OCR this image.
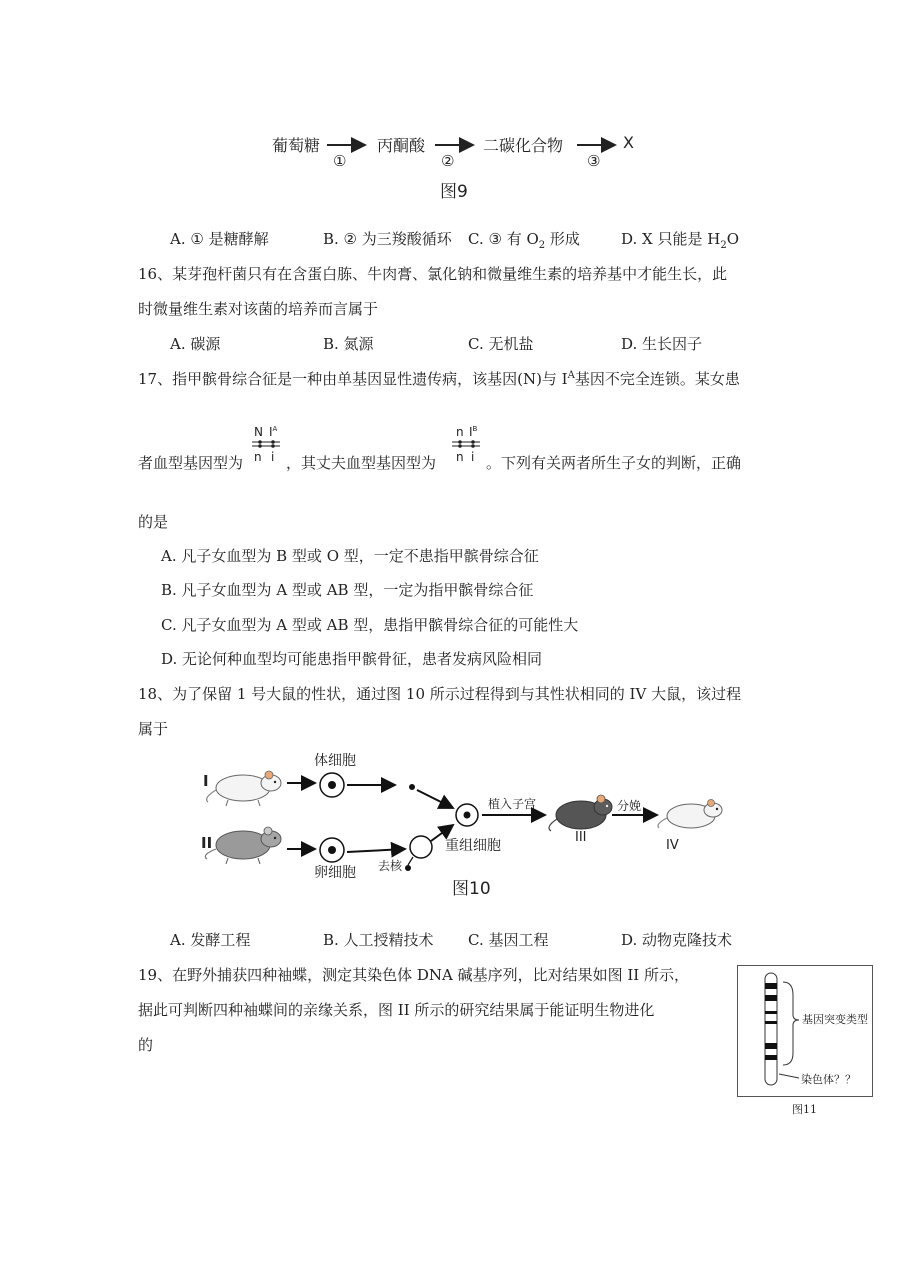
葡萄糖	丙酮酸	二碳化合物	X
①	②	③
图9
A. ① 是糖酵解	B. ② 为三羧酸循环 C. ③ 有 $O_2$ 形成	D. X 只能是 $H_2O$
16、某芽孢杆菌只有在含蛋白胨、牛肉膏、氯化钠和微量维生素的培养基中才能生长，此
时微量维生素对该菌的培养而言属于
A. 碳源	B. 氮源	C. 无机盐	D. 生长因子
17、指甲髌骨综合征是一种由单基因显性遗传病，该基因(N)与 $I^A$基因不完全连锁。某女患
者血型基因型为
N $I^A$
n i ，其丈夫血型基因型为
n $I^B$
n i 。下列有关两者所生子女的判断，正确
的是
A. 凡子女血型为 B 型或 O 型，一定不患指甲髌骨综合征
B. 凡子女血型为 A 型或 AB 型，一定为指甲髌骨综合征
C. 凡子女血型为 A 型或 AB 型，患指甲髌骨综合征的可能性大
D. 无论何种血型均可能患指甲髌骨征，患者发病风险相同
18、为了保留 1 号大鼠的性状，通过图 10 所示过程得到与其性状相同的 IV 大鼠，该过程
属于
I
II
体细胞
卵细胞 去核
重组细胞
植入子宫	分娩
III
IV
图10
A. 发酵工程	B. 人工授精技术 C. 基因工程	D. 动物克隆技术
19、在野外捕获四种袖蝶，测定其染色体 DNA 碱基序列，比对结果如图 II 所示，
据此可判断四种袖蝶间的亲缘关系，图 II 所示的研究结果属于能证明生物进化
的
基因突变类型
染色体？？
图11
